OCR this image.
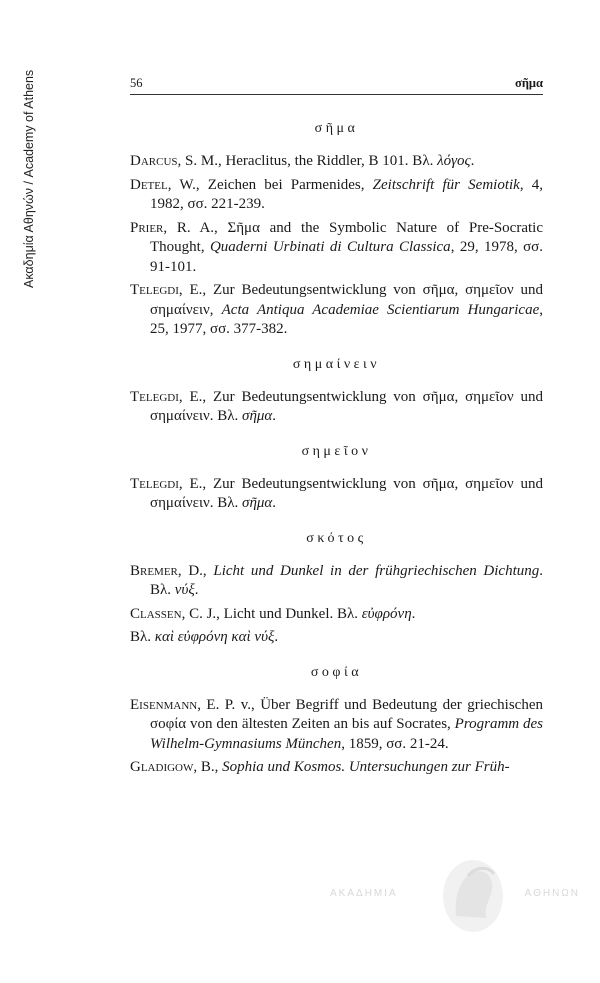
Ακαδημία Αθηνών / Academy of Athens	56	σῆμα
σῆμα

Darcus, S. M., Heraclitus, the Riddler, B 101. Βλ. λόγος.

Detel, W., Zeichen bei Parmenides, Zeitschrift für Semiotik, 4, 1982, σσ. 221-239.

Prier, R. A., Σῆμα and the Symbolic Nature of Pre-Socratic Thought, Quaderni Urbinati di Cultura Classica, 29, 1978, σσ. 91-101.

Telegdi, E., Zur Bedeutungsentwicklung von σῆμα, σημεῖον und σημαίνειν, Acta Antiqua Academiae Scientiarum Hungaricae, 25, 1977, σσ. 377-382.

σημαίνειν

Telegdi, E., Zur Bedeutungsentwicklung von σῆμα, σημεῖον und σημαίνειν. Βλ. σῆμα.

σημεῖον

Telegdi, E., Zur Bedeutungsentwicklung von σῆμα, σημεῖον und σημαίνειν. Βλ. σῆμα.

σκότος

Bremer, D., Licht und Dunkel in der frühgriechischen Dichtung. Βλ. νύξ.

Classen, C. J., Licht und Dunkel. Βλ. εὐφρόνη.

Βλ. καὶ εὐφρόνη καὶ νύξ.

σοφία

Eisenmann, E. P. v., Über Begriff und Bedeutung der griechischen σοφία von den ältesten Zeiten an bis auf Socrates, Programm des Wilhelm-Gymnasiums München, 1859, σσ. 21-24.

Gladigow, B., Sophia und Kosmos. Untersuchungen zur Früh-

ΑΚΑΔΗΜΙΑ	ΑΘΗΝΩΝ
